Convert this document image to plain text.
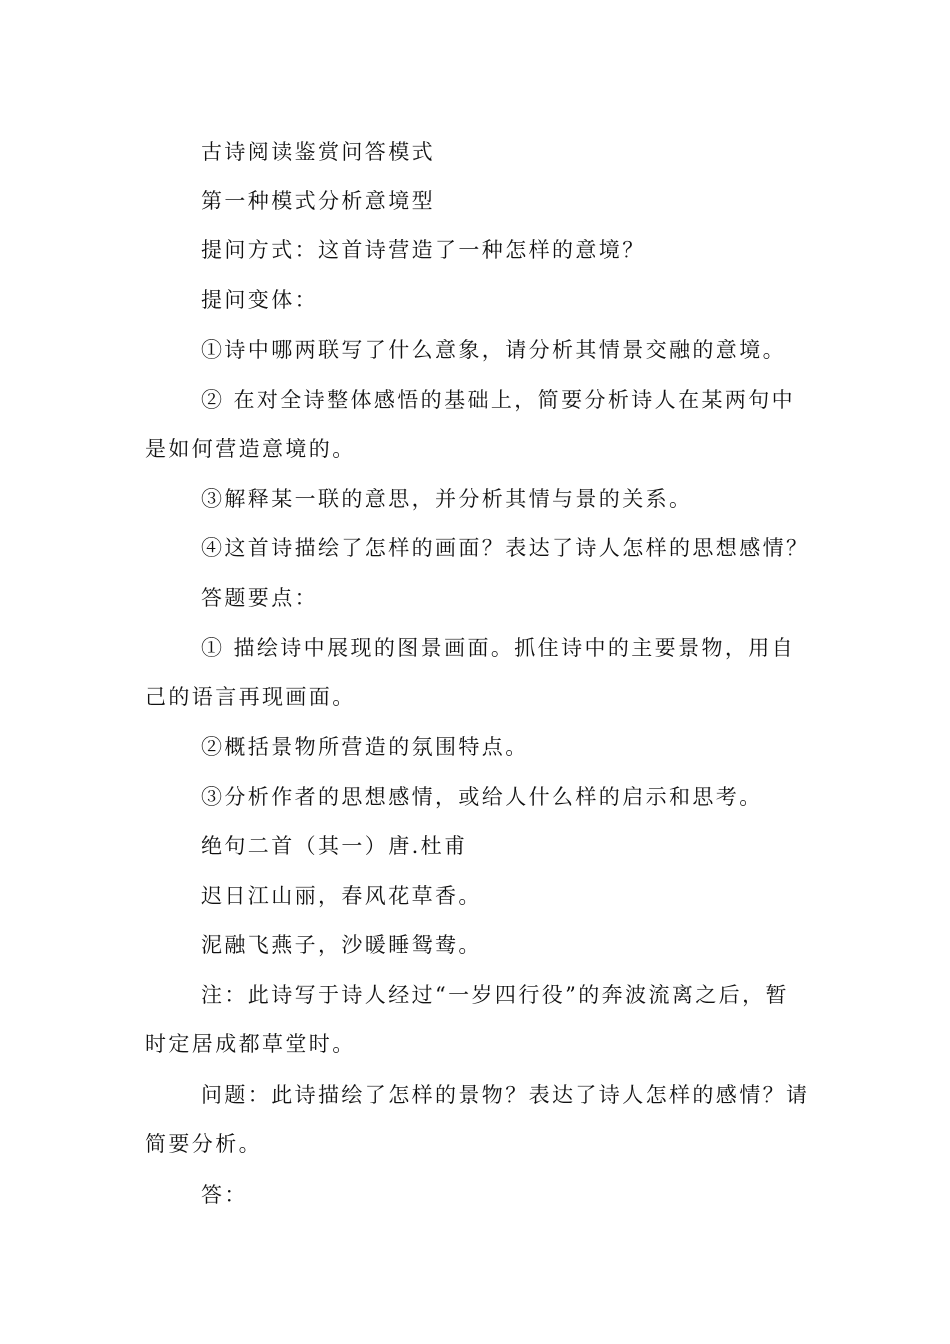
古诗阅读鉴赏问答模式

第一种模式分析意境型

提问方式：这首诗营造了一种怎样的意境？

提问变体：

①诗中哪两联写了什么意象，请分析其情景交融的意境。

② 在对全诗整体感悟的基础上，简要分析诗人在某两句中是如何营造意境的。

③解释某一联的意思，并分析其情与景的关系。

④这首诗描绘了怎样的画面？表达了诗人怎样的思想感情？

答题要点：

① 描绘诗中展现的图景画面。抓住诗中的主要景物，用自己的语言再现画面。

②概括景物所营造的氛围特点。

③分析作者的思想感情，或给人什么样的启示和思考。

绝句二首（其一）唐.杜甫

迟日江山丽，春风花草香。

泥融飞燕子，沙暖睡鸳鸯。

注：此诗写于诗人经过“一岁四行役”的奔波流离之后，暂时定居成都草堂时。

问题：此诗描绘了怎样的景物？表达了诗人怎样的感情？请简要分析。

答：
